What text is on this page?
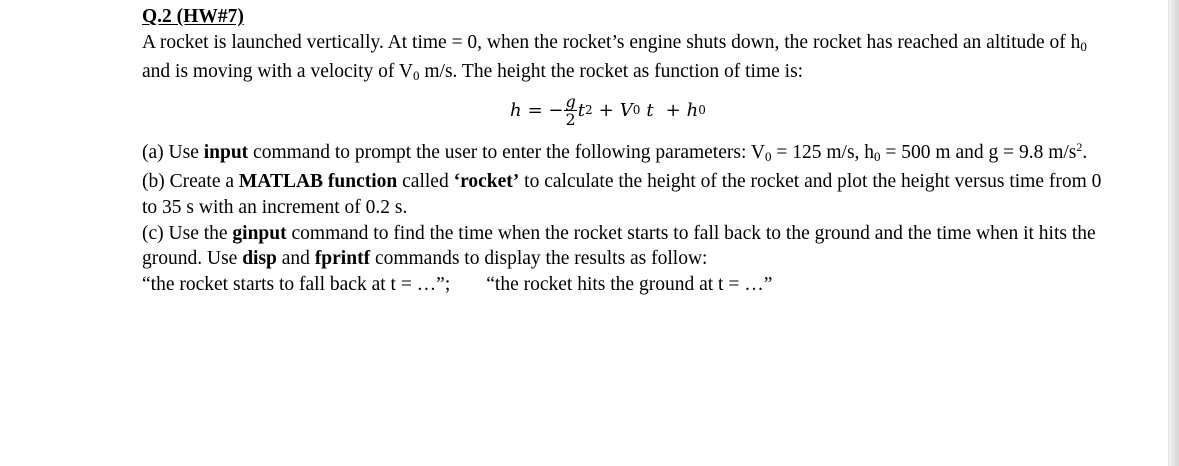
Q.2 (HW#7)

A rocket is launched vertically. At time = 0, when the rocket’s engine shuts down, the rocket has reached an altitude of h0 and is moving with a velocity of V0 m/s. The height the rocket as function of time is:

h = − $\frac{g}{2}$ t 2 + V 0 t + h 0

(a) Use input command to prompt the user to enter the following parameters: V0 = 125 m/s, h0 = 500 m and g = 9.8 $m/s^2$.

(b) Create a MATLAB function called ‘rocket’ to calculate the height of the rocket and plot the height versus time from 0 to 35 s with an increment of 0.2 s.

(c) Use the ginput command to find the time when the rocket starts to fall back to the ground and the time when it hits the ground. Use disp and fprintf commands to display the results as follow:
“the rocket starts to fall back at t = …”; “the rocket hits the ground at t = …”
